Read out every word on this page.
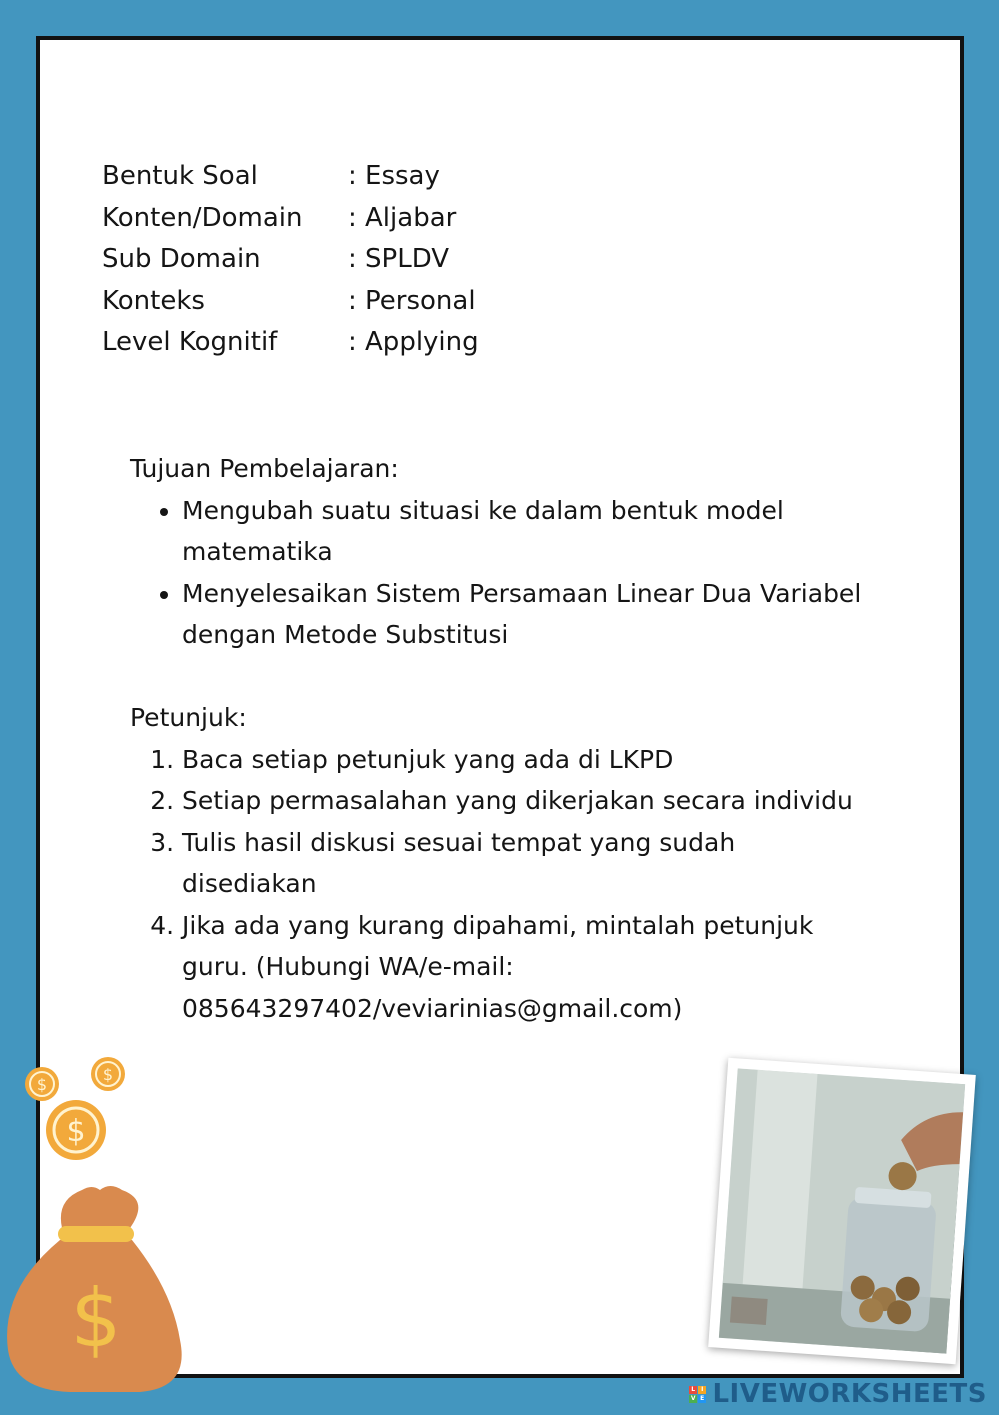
Bentuk Soal	: Essay
Konten/Domain	: Aljabar
Sub Domain	: SPLDV
Konteks	: Personal
Level Kognitif	: Applying

Tujuan Pembelajaran:

• Mengubah suatu situasi ke dalam bentuk model matematika
• Menyelesaikan Sistem Persamaan Linear Dua Variabel dengan Metode Substitusi

Petunjuk:

1. Baca setiap petunjuk yang ada di LKPD
2. Setiap permasalahan yang dikerjakan secara individu
3. Tulis hasil diskusi sesuai tempat yang sudah disediakan
4. Jika ada yang kurang dipahami, mintalah petunjuk guru. (Hubungi WA/e-mail: 085643297402/veviarinias@gmail.com)
$
$
$
$
L I
V E LIVEWORKSHEETS
